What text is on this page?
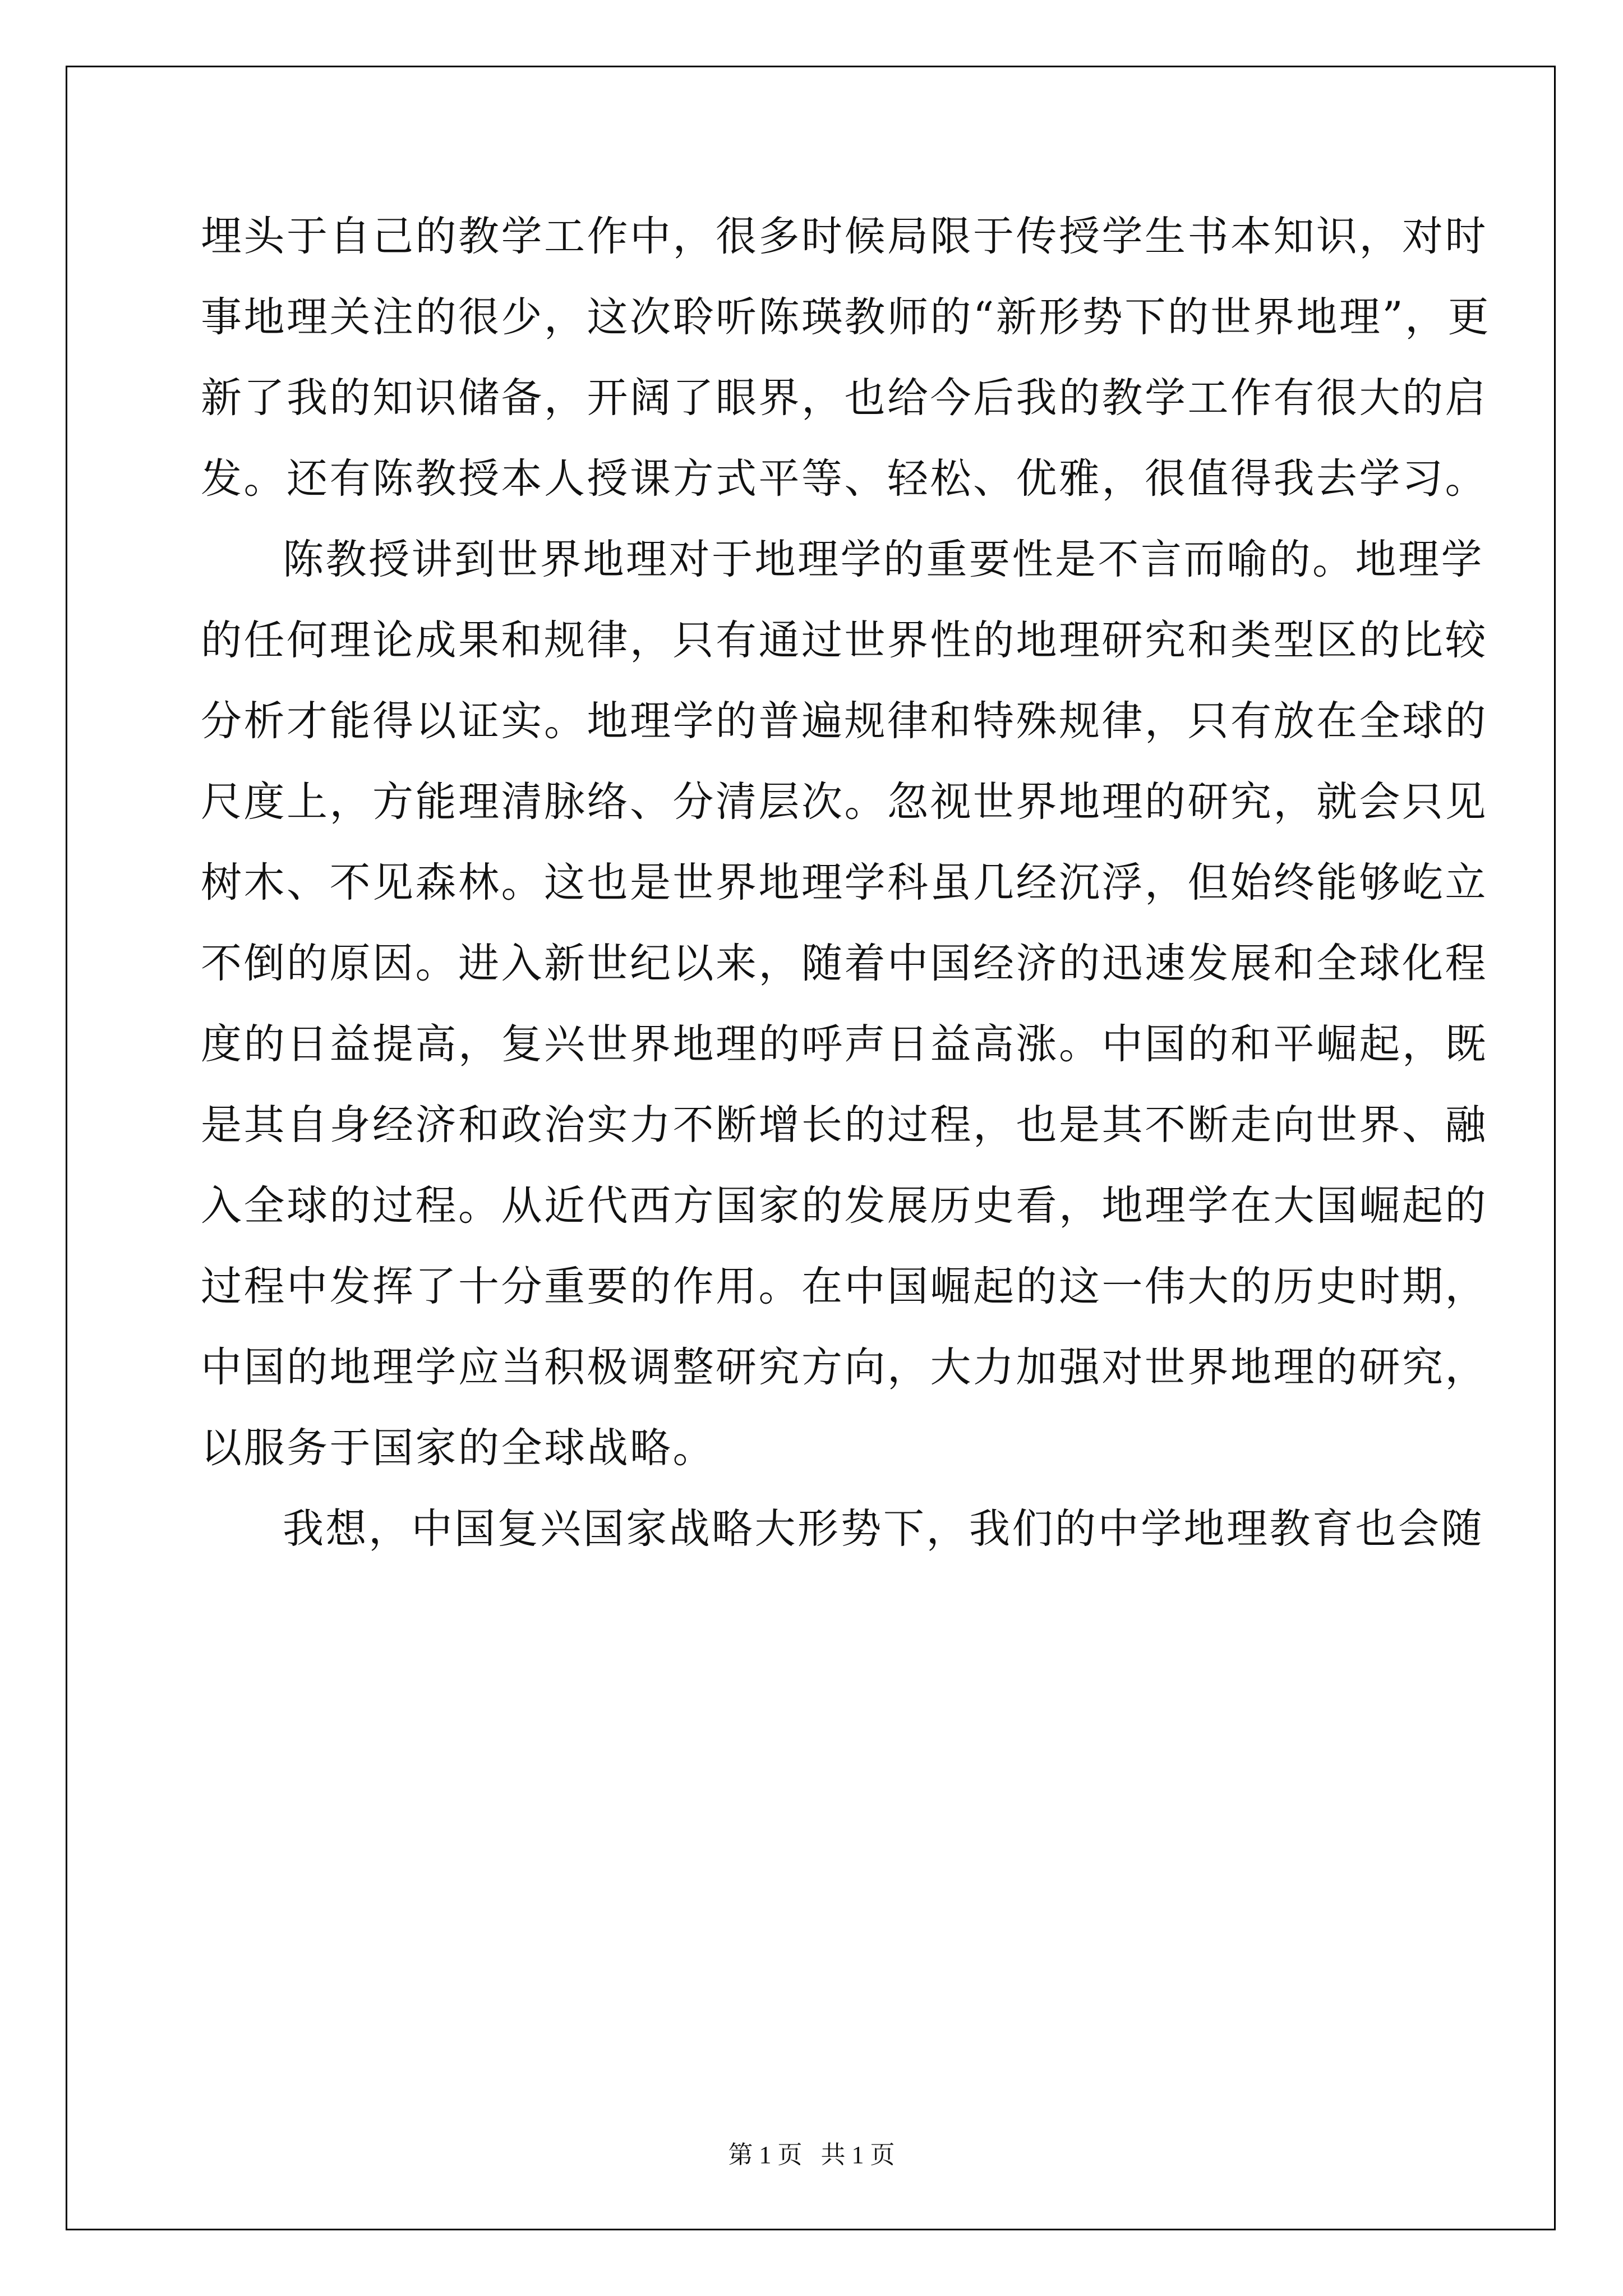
埋头于自己的教学工作中，很多时候局限于传授学生书本知识，对时

事地理关注的很少，这次聆听陈瑛教师的“新形势下的世界地理”，更

新了我的知识储备，开阔了眼界，也给今后我的教学工作有很大的启

发。还有陈教授本人授课方式平等、轻松、优雅，很值得我去学习。

陈教授讲到世界地理对于地理学的重要性是不言而喻的。地理学

的任何理论成果和规律，只有通过世界性的地理研究和类型区的比较

分析才能得以证实。地理学的普遍规律和特殊规律，只有放在全球的

尺度上，方能理清脉络、分清层次。忽视世界地理的研究，就会只见

树木、不见森林。这也是世界地理学科虽几经沉浮，但始终能够屹立

不倒的原因。进入新世纪以来，随着中国经济的迅速发展和全球化程

度的日益提高，复兴世界地理的呼声日益高涨。中国的和平崛起，既

是其自身经济和政治实力不断增长的过程，也是其不断走向世界、融

入全球的过程。从近代西方国家的发展历史看，地理学在大国崛起的

过程中发挥了十分重要的作用。在中国崛起的这一伟大的历史时期，

中国的地理学应当积极调整研究方向，大力加强对世界地理的研究，

以服务于国家的全球战略。

我想，中国复兴国家战略大形势下，我们的中学地理教育也会随

第 1 页   共 1 页
